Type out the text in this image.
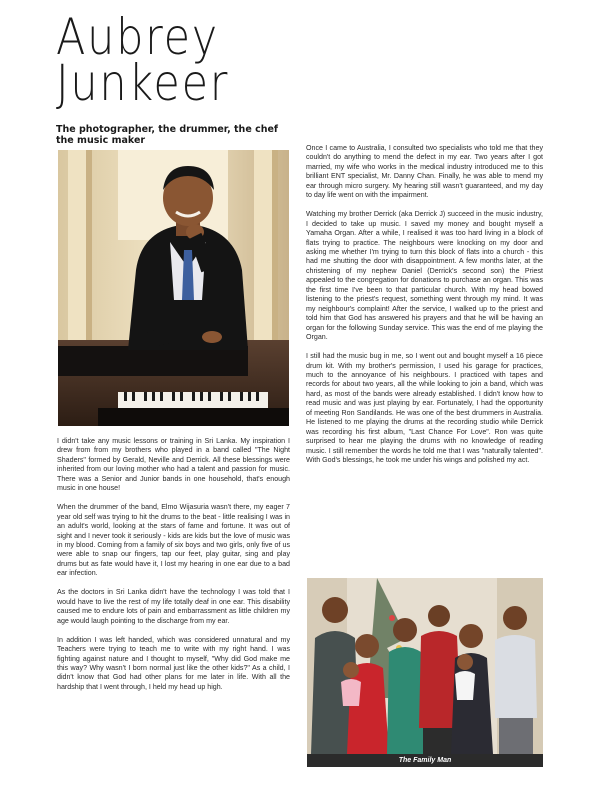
Aubrey
Junkeer
The photographer, the drummer, the chef
the music maker

I didn't take any music lessons or training in Sri Lanka. My inspiration I drew from from my brothers who played in a band called "The Night Shaders" formed by Gerald, Neville and Derrick. All these blessings were inherited from our loving mother who had a talent and passion for music. There was a Senior and Junior bands in one household, that's enough music in one house!

When the drummer of the band, Elmo Wijasuria wasn't there, my eager 7 year old self was trying to hit the drums to the beat - little realising I was in an adult's world, looking at the stars of fame and fortune. It was out of sight and I never took it seriously - kids are kids but the love of music was in my blood. Coming from a family of six boys and two girls, only five of us were able to snap our fingers, tap our feet, play guitar, sing and play drums but as fate would have it, I lost my hearing in one ear due to a bad ear infection.

As the doctors in Sri Lanka didn't have the technology I was told that I would have to live the rest of my life totally deaf in one ear. This disability caused me to endure lots of pain and embarrassment as little children my age would laugh pointing to the discharge from my ear.

In addition I was left handed, which was considered unnatural and my Teachers were trying to teach me to write with my right hand. I was fighting against nature and I thought to myself, "Why did God make me this way? Why wasn't I born normal just like the other kids?" As a child, I didn't know that God had other plans for me later in life. With all the hardship that I went through, I held my head up high.

Once I came to Australia, I consulted two specialists who told me that they couldn't do anything to mend the defect in my ear. Two years after I got married, my wife who works in the medical industry introduced me to this brilliant ENT specialist, Mr. Danny Chan. Finally, he was able to mend my ear through micro surgery. My hearing still wasn't guaranteed, and my day to day life went on with the impairment.

Watching my brother Derrick (aka Derrick J) succeed in the music industry, I decided to take up music. I saved my money and bought myself a Yamaha Organ. After a while, I realised it was too hard living in a block of flats trying to practice. The neighbours were knocking on my door and asking me whether I'm trying to turn this block of flats into a church - this had me shutting the door with disappointment. A few months later, at the christening of my nephew Daniel (Derrick's second son) the Priest appealed to the congregation for donations to purchase an organ. This was the first time I've been to that particular church. With my head bowed listening to the priest's request, something went through my mind. It was my neighbour's complaint! After the service, I walked up to the priest and told him that God has answered his prayers and that he will be having an organ for the following Sunday service. This was the end of me playing the Organ.

I still had the music bug in me, so I went out and bought myself a 16 piece drum kit. With my brother's permission, I used his garage for practices, much to the annoyance of his neighbours. I practiced with tapes and records for about two years, all the while looking to join a band, which was hard, as most of the bands were already established. I didn't know how to read music and was just playing by ear. Fortunately, I had the opportunity of meeting Ron Sandilands. He was one of the best drummers in Australia. He listened to me playing the drums at the recording studio while Derrick was recording his first album, "Last Chance For Love". Ron was quite surprised to hear me playing the drums with no knowledge of reading music. I still remember the words he told me that I was "naturally talented". With God's blessings, he took me under his wings and polished my act.

The Family Man
